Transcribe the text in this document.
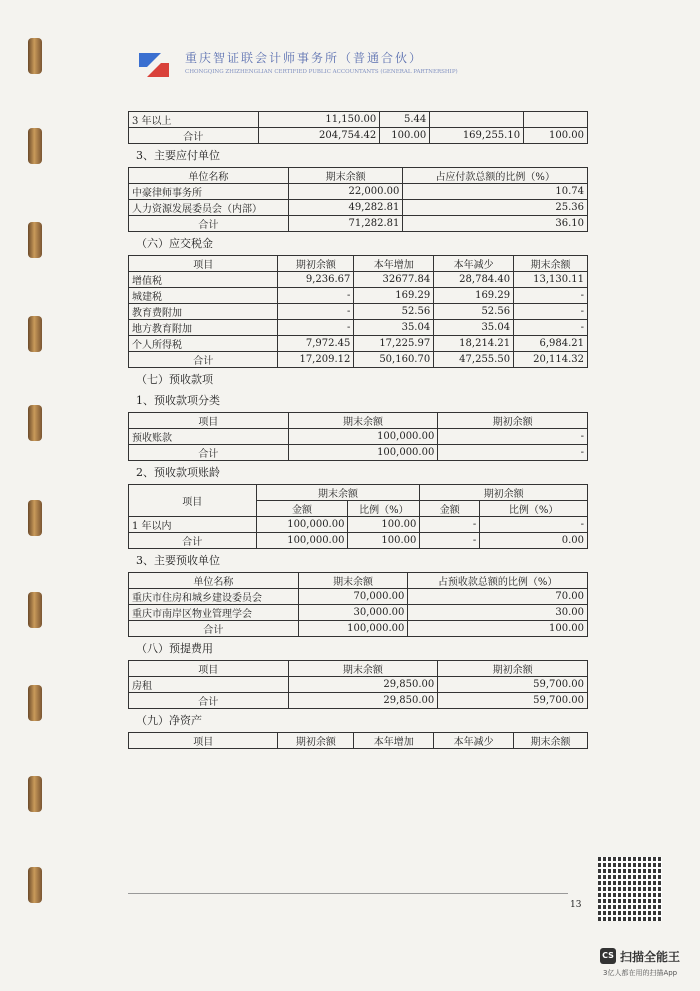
重庆智证联会计师事务所（普通合伙）
CHONGQING ZHIZHENGLIAN CERTIFIED PUBLIC ACCOUNTANTS (GENERAL PARTNERSHIP)
3 年以上	11,150.00	5.44		
合计	204,754.42	100.00	169,255.10	100.00
3、主要应付单位
单位名称	期末余额	占应付款总额的比例（%）
中豪律师事务所	22,000.00	10.74
人力资源发展委员会（内部）	49,282.81	25.36
合计	71,282.81	36.10
（六）应交税金
项目	期初余额	本年增加	本年减少	期末余额
增值税	9,236.67	32677.84	28,784.40	13,130.11
城建税	-	169.29	169.29	-
教育费附加	-	52.56	52.56	-
地方教育附加	-	35.04	35.04	-
个人所得税	7,972.45	17,225.97	18,214.21	6,984.21
合计	17,209.12	50,160.70	47,255.50	20,114.32
（七）预收款项
1、预收款项分类
项目	期末余额	期初余额
预收账款	100,000.00	-
合计	100,000.00	-
2、预收款项账龄
项目	期末余额		期初余额	
	金额	比例（%）	金额	比例（%）
1 年以内	100,000.00	100.00	-	-
合计	100,000.00	100.00	-	0.00
3、主要预收单位
单位名称	期末余额	占预收款总额的比例（%）
重庆市住房和城乡建设委员会	70,000.00	70.00
重庆市南岸区物业管理学会	30,000.00	30.00
合计	100,000.00	100.00
（八）预提费用
项目	期末余额	期初余额
房租	29,850.00	59,700.00
合计	29,850.00	59,700.00
（九）净资产
项目	期初余额	本年增加	本年减少	期末余额
13
CS 扫描全能王
3亿人都在用的扫描App
